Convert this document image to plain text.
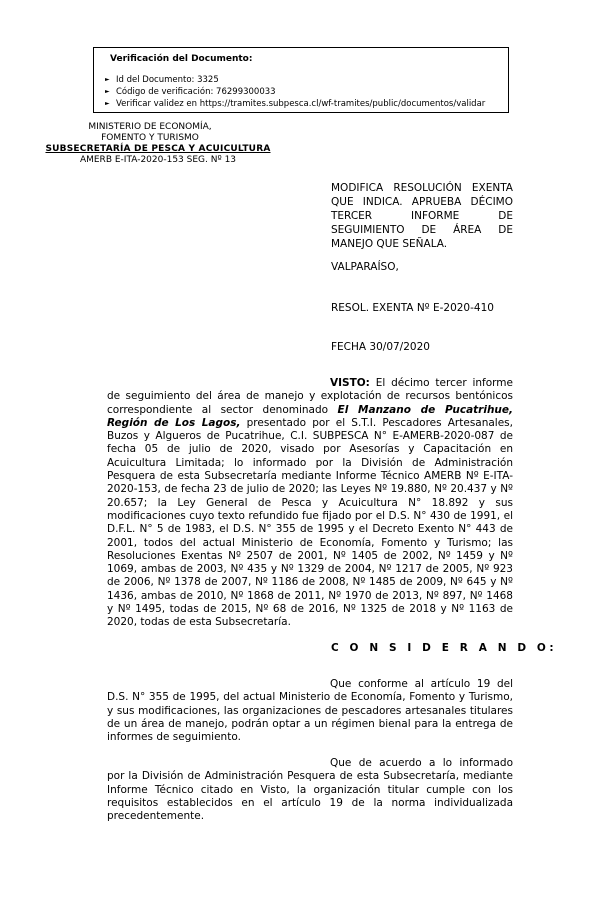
Verificación del Documento:
► Id del Documento: 3325
► Código de verificación: 76299300033
► Verificar validez en https://tramites.subpesca.cl/wf-tramites/public/documentos/validar
MINISTERIO DE ECONOMÍA,
FOMENTO Y TURISMO
SUBSECRETARÍA DE PESCA Y ACUICULTURA
AMERB E-ITA-2020-153 SEG. Nº 13
MODIFICA RESOLUCIÓN EXENTA QUE INDICA. APRUEBA DÉCIMO TERCER INFORME DE SEGUIMIENTO DE ÁREA DE MANEJO QUE SEÑALA.
VALPARAÍSO,
RESOL. EXENTA Nº E-2020-410
FECHA 30/07/2020
VISTO: El décimo tercer informe de seguimiento del área de manejo y explotación de recursos bentónicos correspondiente al sector denominado El Manzano de Pucatrihue, Región de Los Lagos, presentado por el S.T.I. Pescadores Artesanales, Buzos y Algueros de Pucatrihue, C.I. SUBPESCA N° E-AMERB-2020-087 de fecha 05 de julio de 2020, visado por Asesorías y Capacitación en Acuicultura Limitada; lo informado por la División de Administración Pesquera de esta Subsecretaría mediante Informe Técnico AMERB Nº E-ITA-2020-153, de fecha 23 de julio de 2020; las Leyes Nº 19.880, Nº 20.437 y Nº 20.657; la Ley General de Pesca y Acuicultura N° 18.892 y sus modificaciones cuyo texto refundido fue fijado por el D.S. N° 430 de 1991, el D.F.L. N° 5 de 1983, el D.S. N° 355 de 1995 y el Decreto Exento N° 443 de 2001, todos del actual Ministerio de Economía, Fomento y Turismo; las Resoluciones Exentas Nº 2507 de 2001, Nº 1405 de 2002, Nº 1459 y Nº 1069, ambas de 2003, Nº 435 y Nº 1329 de 2004, Nº 1217 de 2005, Nº 923 de 2006, Nº 1378 de 2007, Nº 1186 de 2008, Nº 1485 de 2009, Nº 645 y Nº 1436, ambas de 2010, Nº 1868 de 2011, Nº 1970 de 2013, Nº 897, Nº 1468 y Nº 1495, todas de 2015, Nº 68 de 2016, Nº 1325 de 2018 y Nº 1163 de 2020, todas de esta Subsecretaría.
C O N S I D E R A N D O:
Que conforme al artículo 19 del D.S. N° 355 de 1995, del actual Ministerio de Economía, Fomento y Turismo, y sus modificaciones, las organizaciones de pescadores artesanales titulares de un área de manejo, podrán optar a un régimen bienal para la entrega de informes de seguimiento.
Que de acuerdo a lo informado por la División de Administración Pesquera de esta Subsecretaría, mediante Informe Técnico citado en Visto, la organización titular cumple con los requisitos establecidos en el artículo 19 de la norma individualizada precedentemente.
